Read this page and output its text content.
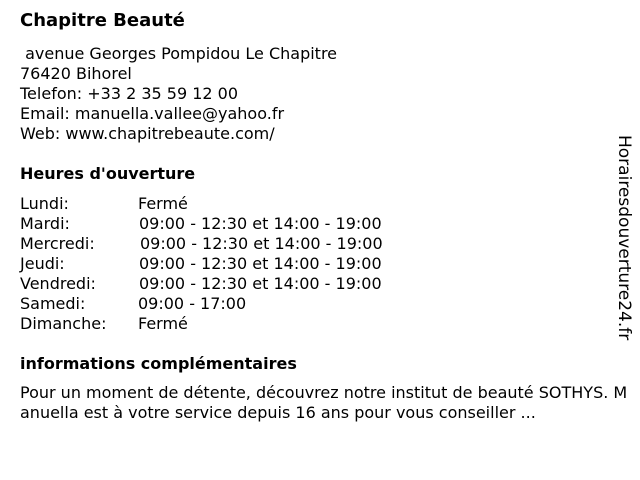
Chapitre Beauté
avenue Georges Pompidou Le Chapitre
76420 Bihorel
Telefon: +33 2 35 59 12 00
Email: manuella.vallee@yahoo.fr
Web: www.chapitrebeaute.com/
Heures d'ouverture
Lundi:	Fermé
Mardi:	09:00 - 12:30 et 14:00 - 19:00
Mercredi:	09:00 - 12:30 et 14:00 - 19:00
Jeudi:	09:00 - 12:30 et 14:00 - 19:00
Vendredi:	09:00 - 12:30 et 14:00 - 19:00
Samedi:	09:00 - 17:00
Dimanche: Fermé
informations complémentaires
Pour un moment de détente, découvrez notre institut de beauté SOTHYS. Manuella est à votre service depuis 16 ans pour vous conseiller ...
Horairesdouverture24.fr
